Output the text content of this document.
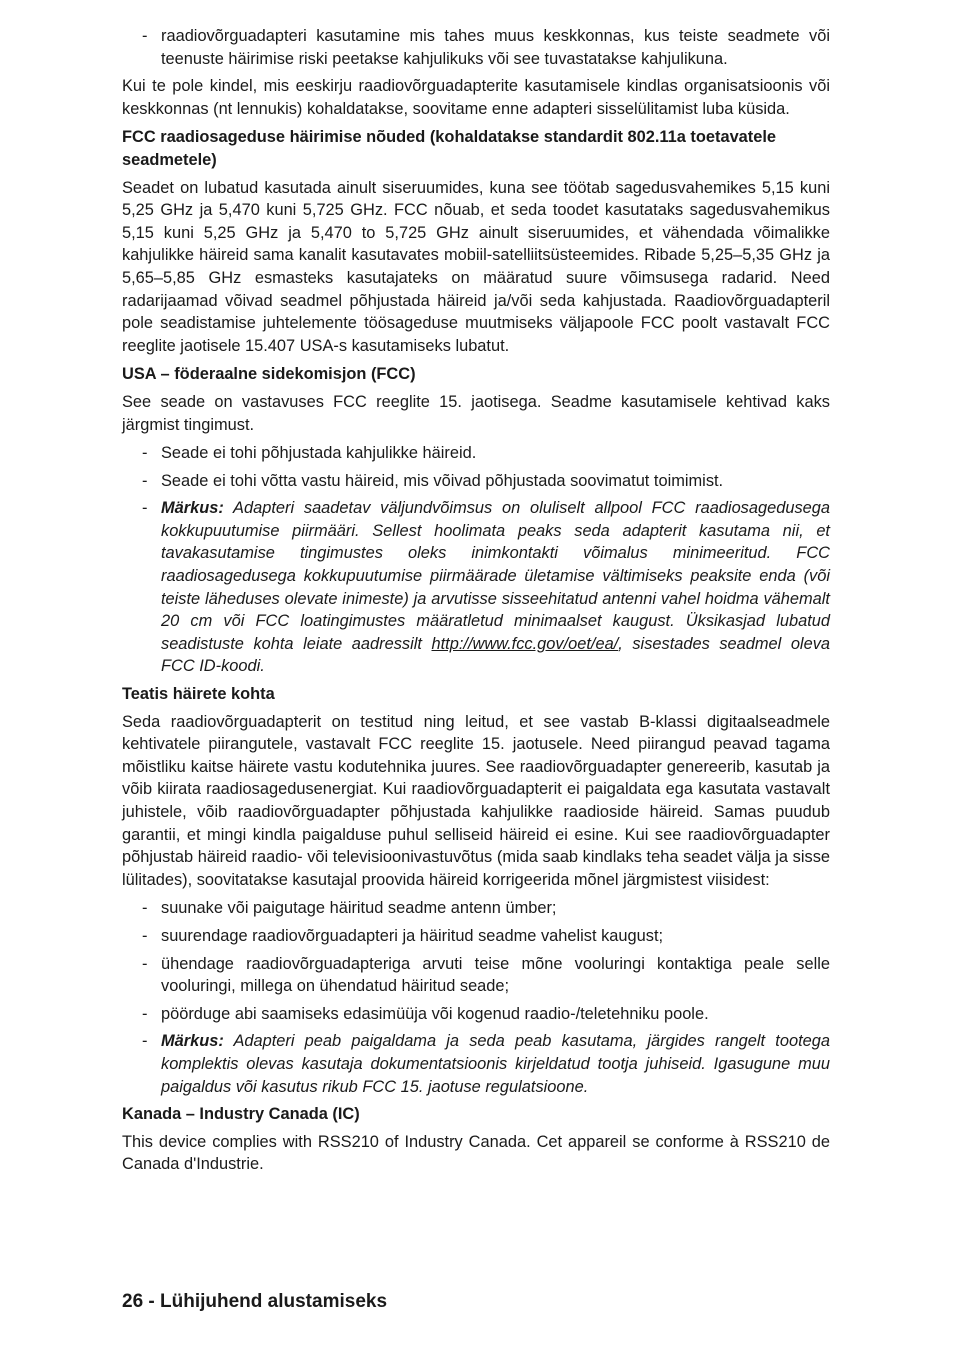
- raadiovõrguadapteri kasutamine mis tahes muus keskkonnas, kus teiste seadmete või teenuste häirimise riski peetakse kahjulikuks või see tuvastatakse kahjulikuna.

Kui te pole kindel, mis eeskirju raadiovõrguadapterite kasutamisele kindlas organisatsioonis või keskkonnas (nt lennukis) kohaldatakse, soovitame enne adapteri sisselülitamist luba küsida.

FCC raadiosageduse häirimise nõuded (kohaldatakse standardit 802.11a toetavatele seadmetele)

Seadet on lubatud kasutada ainult siseruumides, kuna see töötab sagedusvahemikes 5,15 kuni 5,25 GHz ja 5,470 kuni 5,725 GHz. FCC nõuab, et seda toodet kasutataks sagedusvahemikus 5,15 kuni 5,25 GHz ja 5,470 to 5,725 GHz ainult siseruumides, et vähendada võimalikke kahjulikke häireid sama kanalit kasutavates mobiil-satelliitsüsteemides. Ribade 5,25–5,35 GHz ja 5,65–5,85 GHz esmasteks kasutajateks on määratud suure võimsusega radarid. Need radarijaamad võivad seadmel põhjustada häireid ja/või seda kahjustada. Raadiovõrguadapteril pole seadistamise juhtelemente töösageduse muutmiseks väljapoole FCC poolt vastavalt FCC reeglite jaotisele 15.407 USA-s kasutamiseks lubatut.

USA – föderaalne sidekomisjon (FCC)

See seade on vastavuses FCC reeglite 15. jaotisega. Seadme kasutamisele kehtivad kaks järgmist tingimust.

- Seade ei tohi põhjustada kahjulikke häireid.
- Seade ei tohi võtta vastu häireid, mis võivad põhjustada soovimatut toimimist.
- Märkus: Adapteri saadetav väljundvõimsus on oluliselt allpool FCC raadiosagedusega kokkupuutumise piirmääri. Sellest hoolimata peaks seda adapterit kasutama nii, et tavakasutamise tingimustes oleks inimkontakti võimalus minimeeritud. FCC raadiosagedusega kokkupuutumise piirmäärade ületamise vältimiseks peaksite enda (või teiste läheduses olevate inimeste) ja arvutisse sisseehitatud antenni vahel hoidma vähemalt 20 cm või FCC loatingimustes määratletud minimaalset kaugust. Üksikasjad lubatud seadistuste kohta leiate aadressilt http://www.fcc.gov/oet/ea/, sisestades seadmel oleva FCC ID-koodi.

Teatis häirete kohta

Seda raadiovõrguadapterit on testitud ning leitud, et see vastab B-klassi digitaalseadmele kehtivatele piirangutele, vastavalt FCC reeglite 15. jaotusele. Need piirangud peavad tagama mõistliku kaitse häirete vastu kodutehnika juures. See raadiovõrguadapter genereerib, kasutab ja võib kiirata raadiosagedusenergiat. Kui raadiovõrguadapterit ei paigaldata ega kasutata vastavalt juhistele, võib raadiovõrguadapter põhjustada kahjulikke raadioside häireid. Samas puudub garantii, et mingi kindla paigalduse puhul selliseid häireid ei esine. Kui see raadiovõrguadapter põhjustab häireid raadio- või televisioonivastuvõtus (mida saab kindlaks teha seadet välja ja sisse lülitades), soovitatakse kasutajal proovida häireid korrigeerida mõnel järgmistest viisidest:

- suunake või paigutage häiritud seadme antenn ümber;
- suurendage raadiovõrguadapteri ja häiritud seadme vahelist kaugust;
- ühendage raadiovõrguadapteriga arvuti teise mõne vooluringi kontaktiga peale selle vooluringi, millega on ühendatud häiritud seade;
- pöörduge abi saamiseks edasimüüja või kogenud raadio-/teletehniku poole.
- Märkus: Adapteri peab paigaldama ja seda peab kasutama, järgides rangelt tootega komplektis olevas kasutaja dokumentatsioonis kirjeldatud tootja juhiseid. Igasugune muu paigaldus või kasutus rikub FCC 15. jaotuse regulatsioone.

Kanada – Industry Canada (IC)

This device complies with RSS210 of Industry Canada. Cet appareil se conforme à RSS210 de Canada d'Industrie.

26 - Lühijuhend alustamiseks
